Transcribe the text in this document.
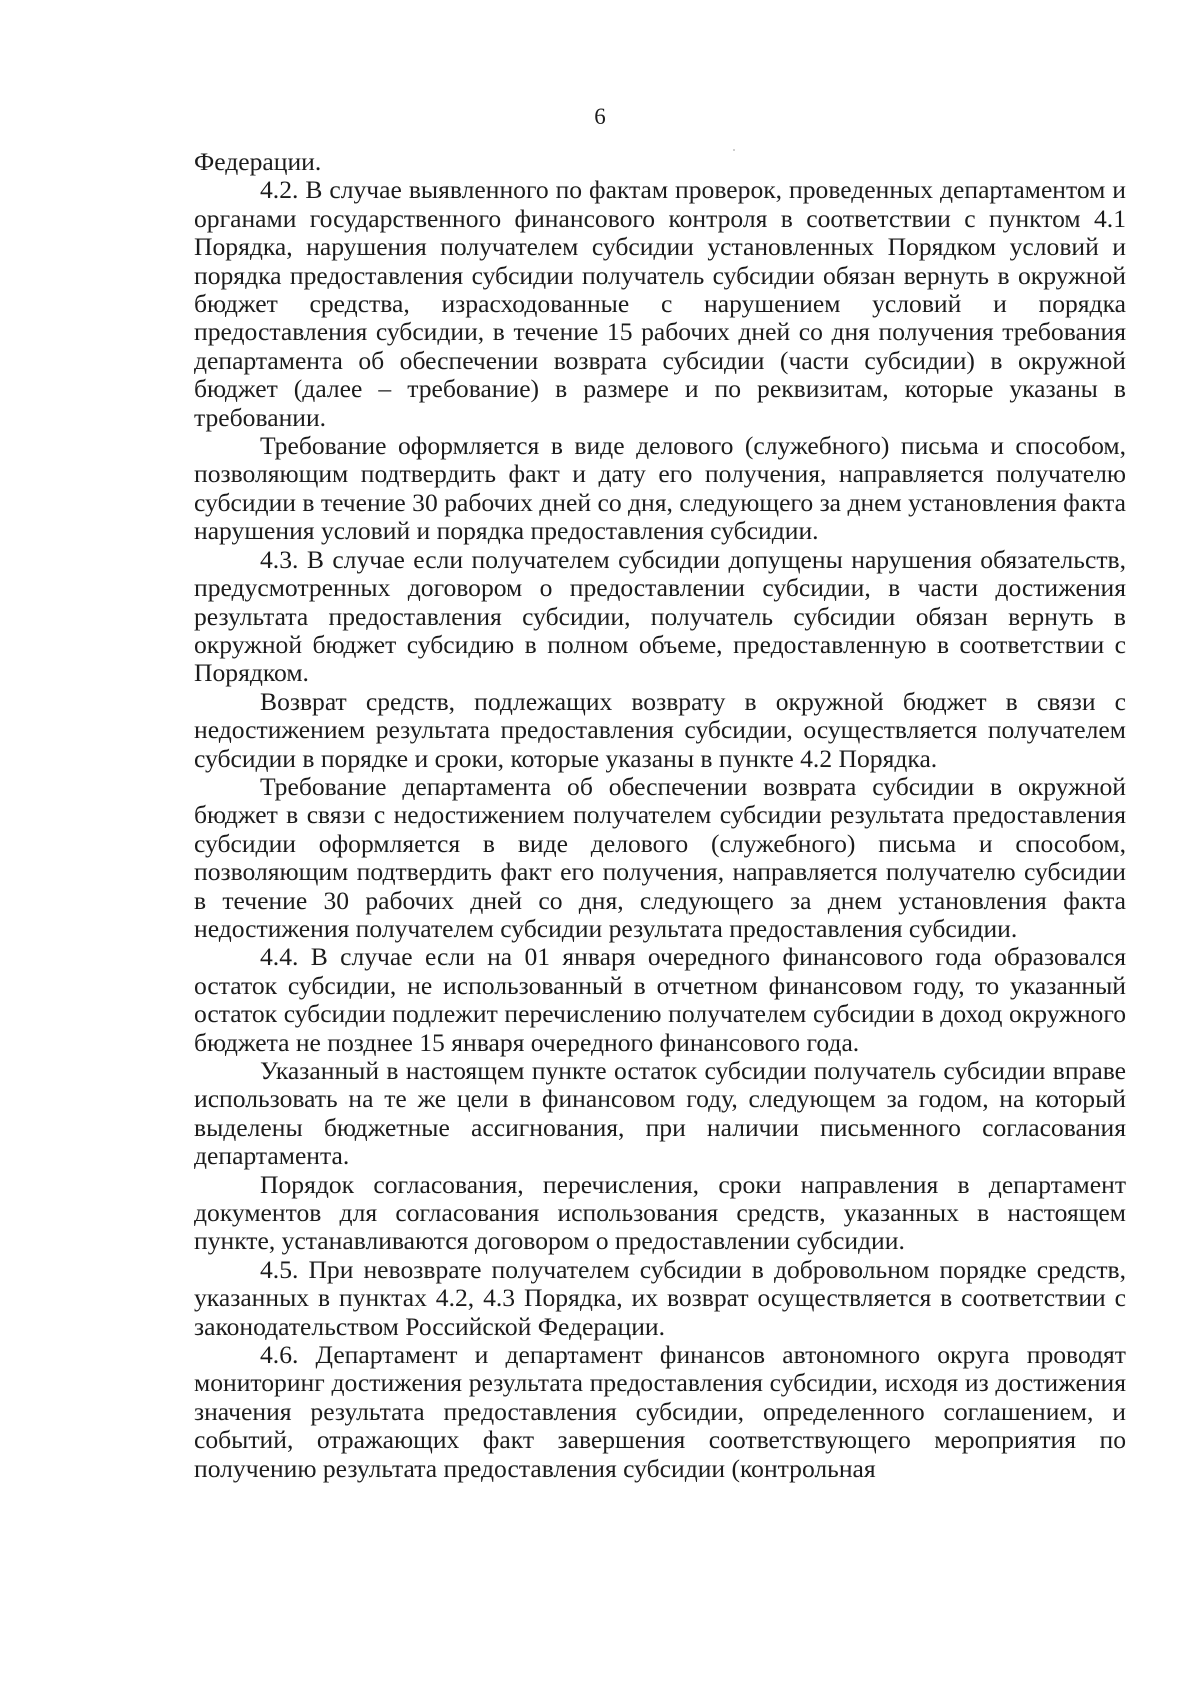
6

Федерации.

4.2. В случае выявленного по фактам проверок, проведенных департаментом и органами государственного финансового контроля в соответствии с пунктом 4.1 Порядка, нарушения получателем субсидии установленных Порядком условий и порядка предоставления субсидии получатель субсидии обязан вернуть в окружной бюджет средства, израсходованные с нарушением условий и порядка предоставления субсидии, в течение 15 рабочих дней со дня получения требования департамента об обеспечении возврата субсидии (части субсидии) в окружной бюджет (далее – требование) в размере и по реквизитам, которые указаны в требовании.

Требование оформляется в виде делового (служебного) письма и способом, позволяющим подтвердить факт и дату его получения, направляется получателю субсидии в течение 30 рабочих дней со дня, следующего за днем установления факта нарушения условий и порядка предоставления субсидии.

4.3. В случае если получателем субсидии допущены нарушения обязательств, предусмотренных договором о предоставлении субсидии, в части достижения результата предоставления субсидии, получатель субсидии обязан вернуть в окружной бюджет субсидию в полном объеме, предоставленную в соответствии с Порядком.

Возврат средств, подлежащих возврату в окружной бюджет в связи с недостижением результата предоставления субсидии, осуществляется получателем субсидии в порядке и сроки, которые указаны в пункте 4.2 Порядка.

Требование департамента об обеспечении возврата субсидии в окружной бюджет в связи с недостижением получателем субсидии результата предоставления субсидии оформляется в виде делового (служебного) письма и способом, позволяющим подтвердить факт его получения, направляется получателю субсидии в течение 30 рабочих дней со дня, следующего за днем установления факта недостижения получателем субсидии результата предоставления субсидии.

4.4. В случае если на 01 января очередного финансового года образовался остаток субсидии, не использованный в отчетном финансовом году, то указанный остаток субсидии подлежит перечислению получателем субсидии в доход окружного бюджета не позднее 15 января очередного финансового года.

Указанный в настоящем пункте остаток субсидии получатель субсидии вправе использовать на те же цели в финансовом году, следующем за годом, на который выделены бюджетные ассигнования, при наличии письменного согласования департамента.

Порядок согласования, перечисления, сроки направления в департамент документов для согласования использования средств, указанных в настоящем пункте, устанавливаются договором о предоставлении субсидии.

4.5. При невозврате получателем субсидии в добровольном порядке средств, указанных в пунктах 4.2, 4.3 Порядка, их возврат осуществляется в соответствии с законодательством Российской Федерации.

4.6. Департамент и департамент финансов автономного округа проводят мониторинг достижения результата предоставления субсидии, исходя из достижения значения результата предоставления субсидии, определенного соглашением, и событий, отражающих факт завершения соответствующего мероприятия по получению результата предоставления субсидии (контрольная
